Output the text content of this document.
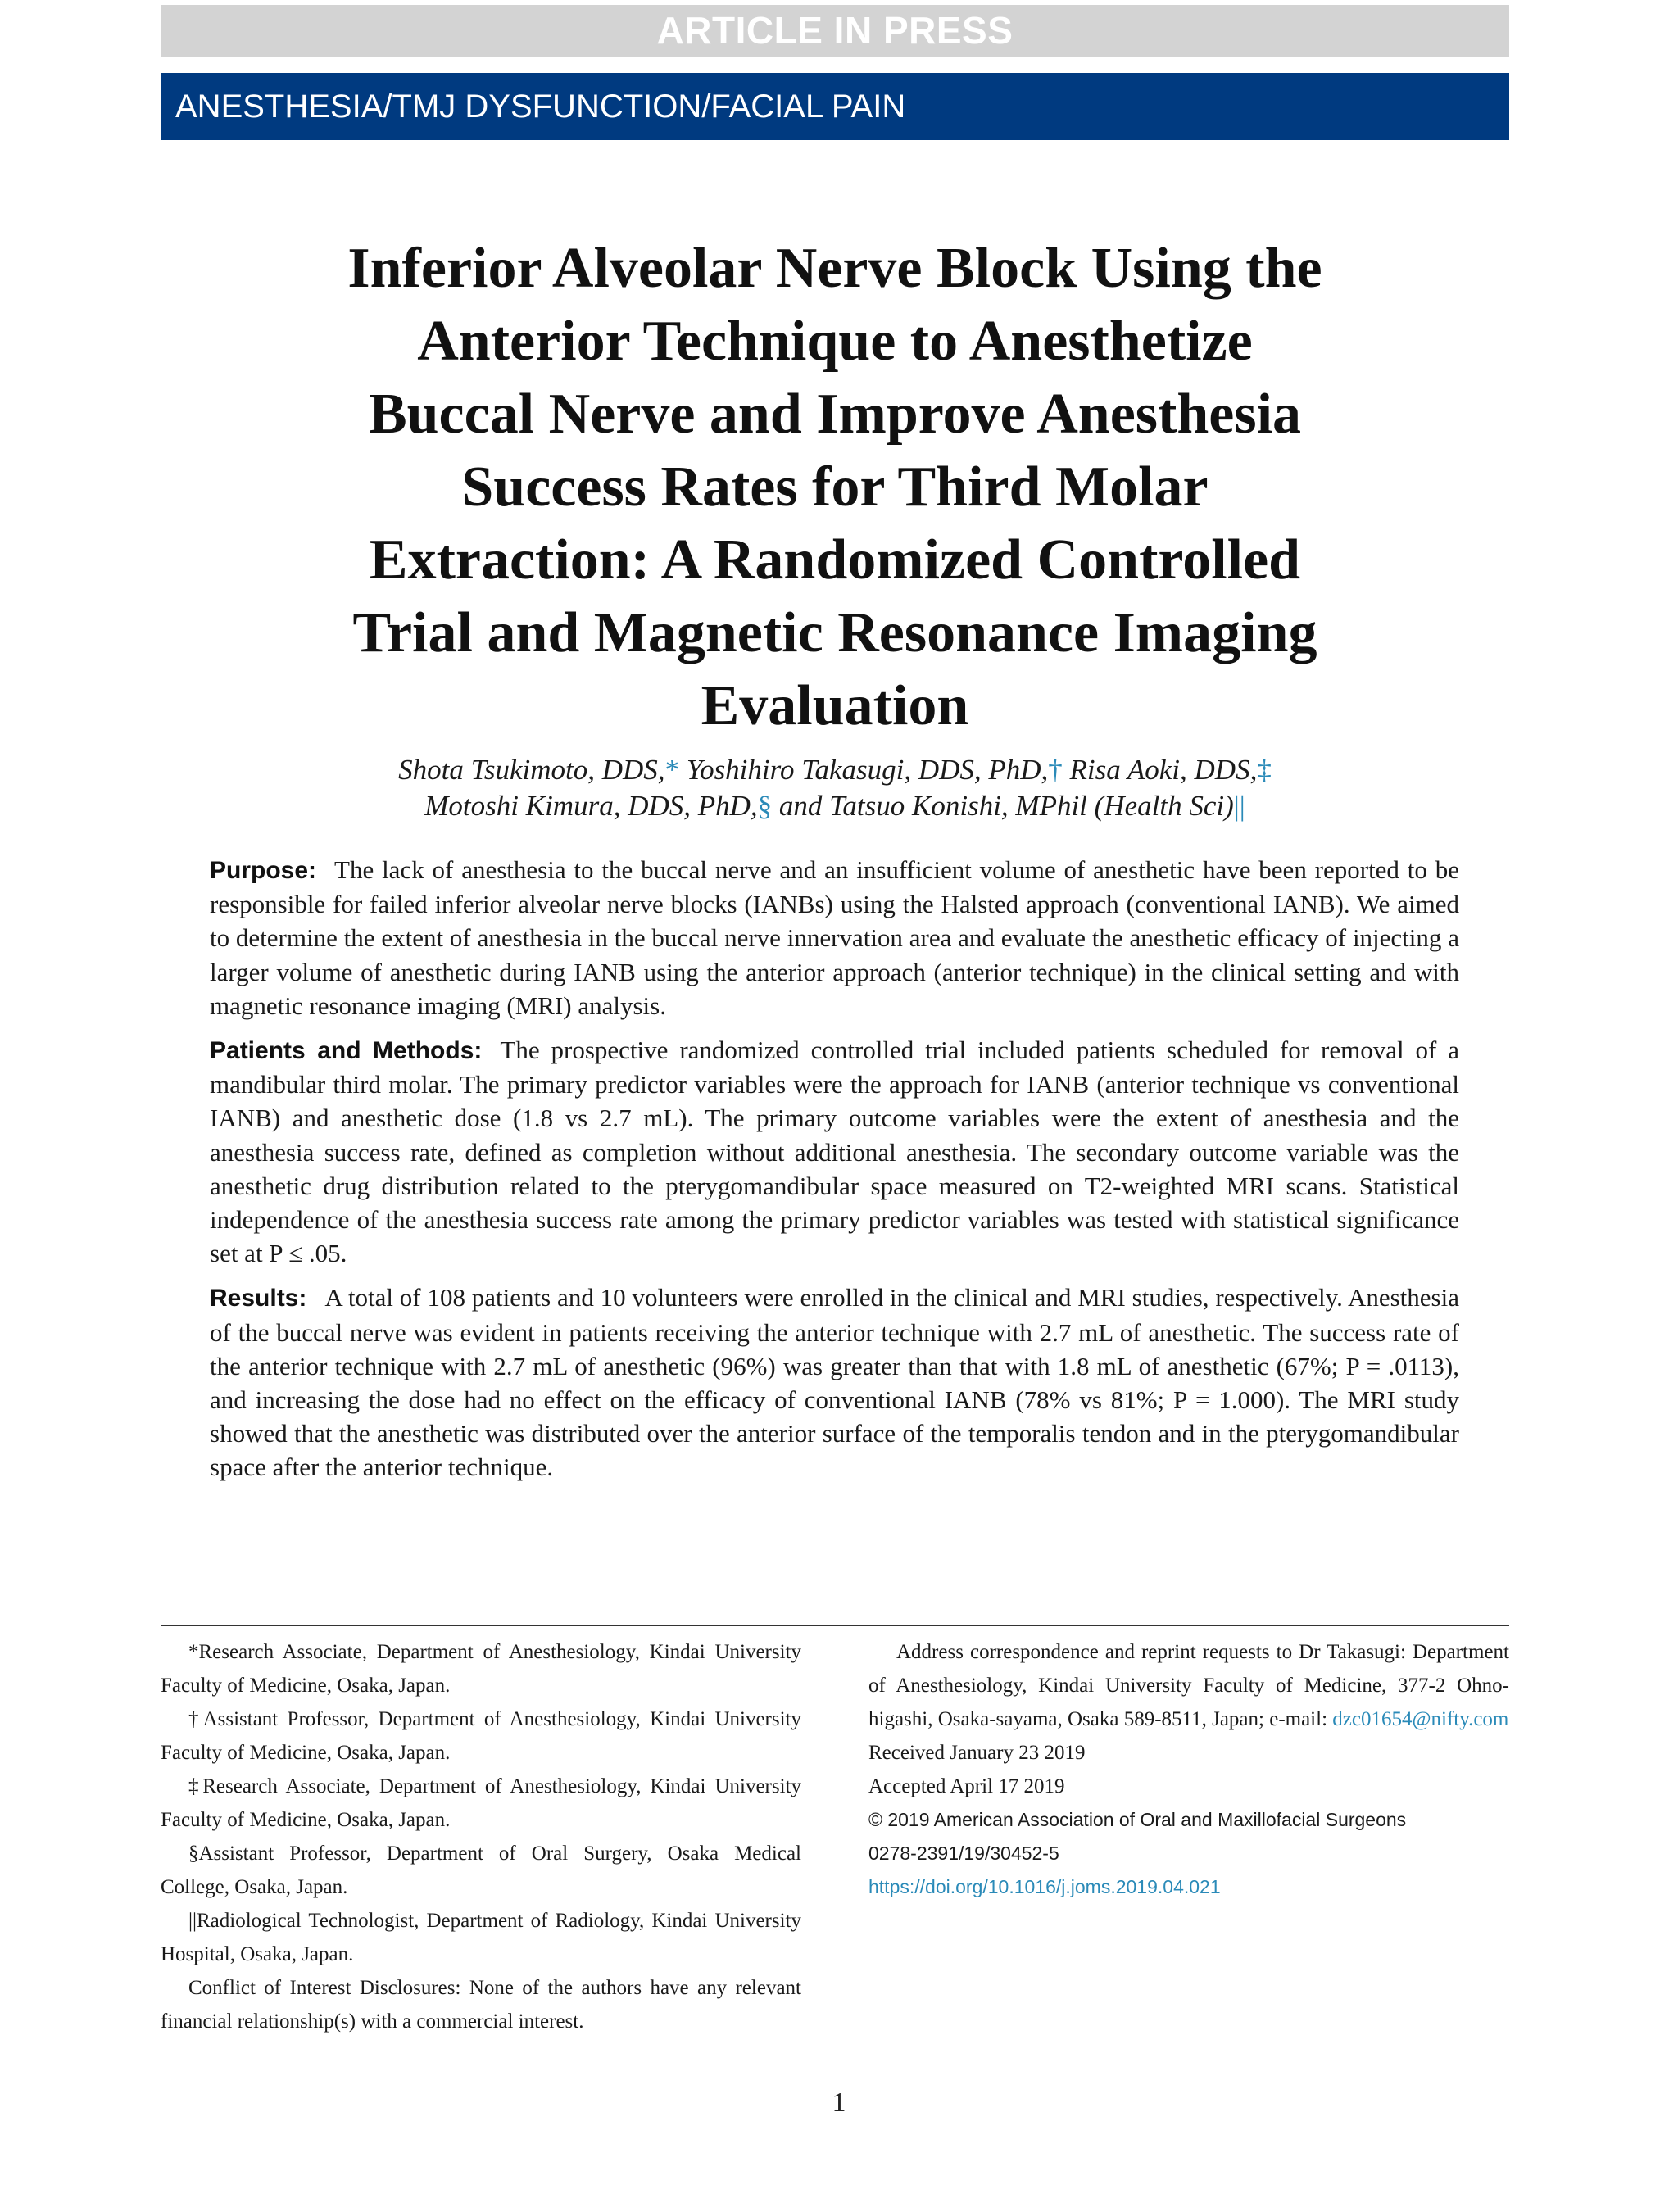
ARTICLE IN PRESS
ANESTHESIA/TMJ DYSFUNCTION/FACIAL PAIN
Inferior Alveolar Nerve Block Using the
Anterior Technique to Anesthetize
Buccal Nerve and Improve Anesthesia
Success Rates for Third Molar
Extraction: A Randomized Controlled
Trial and Magnetic Resonance Imaging
Evaluation
Shota Tsukimoto, DDS,* Yoshihiro Takasugi, DDS, PhD,† Risa Aoki, DDS,‡
Motoshi Kimura, DDS, PhD,§ and Tatsuo Konishi, MPhil (Health Sci)||

Purpose: The lack of anesthesia to the buccal nerve and an insufficient volume of anesthetic have been reported to be responsible for failed inferior alveolar nerve blocks (IANBs) using the Halsted approach (conventional IANB). We aimed to determine the extent of anesthesia in the buccal nerve innervation area and evaluate the anesthetic efficacy of injecting a larger volume of anesthetic during IANB using the anterior approach (anterior technique) in the clinical setting and with magnetic resonance imaging (MRI) analysis.

Patients and Methods: The prospective randomized controlled trial included patients scheduled for removal of a mandibular third molar. The primary predictor variables were the approach for IANB (anterior technique vs conventional IANB) and anesthetic dose (1.8 vs 2.7 mL). The primary outcome variables were the extent of anesthesia and the anesthesia success rate, defined as completion without additional anesthesia. The secondary outcome variable was the anesthetic drug distribution related to the pterygomandibular space measured on T2-weighted MRI scans. Statistical independence of the anesthesia success rate among the primary predictor variables was tested with statistical significance set at P ≤ .05.

Results: A total of 108 patients and 10 volunteers were enrolled in the clinical and MRI studies, respectively. Anesthesia of the buccal nerve was evident in patients receiving the anterior technique with 2.7 mL of anesthetic. The success rate of the anterior technique with 2.7 mL of anesthetic (96%) was greater than that with 1.8 mL of anesthetic (67%; P = .0113), and increasing the dose had no effect on the efficacy of conventional IANB (78% vs 81%; P = 1.000). The MRI study showed that the anesthetic was distributed over the anterior surface of the temporalis tendon and in the pterygomandibular space after the anterior technique.

*Research Associate, Department of Anesthesiology, Kindai University Faculty of Medicine, Osaka, Japan.

†Assistant Professor, Department of Anesthesiology, Kindai University Faculty of Medicine, Osaka, Japan.

‡Research Associate, Department of Anesthesiology, Kindai University Faculty of Medicine, Osaka, Japan.

§Assistant Professor, Department of Oral Surgery, Osaka Medical College, Osaka, Japan.

||Radiological Technologist, Department of Radiology, Kindai University Hospital, Osaka, Japan.

Conflict of Interest Disclosures: None of the authors have any relevant financial relationship(s) with a commercial interest.

Address correspondence and reprint requests to Dr Takasugi: Department of Anesthesiology, Kindai University Faculty of Medicine, 377-2 Ohno-higashi, Osaka-sayama, Osaka 589-8511, Japan; e-mail: dzc01654@nifty.com

Received January 23 2019

Accepted April 17 2019

© 2019 American Association of Oral and Maxillofacial Surgeons

0278-2391/19/30452-5

https://doi.org/10.1016/j.joms.2019.04.021

1
